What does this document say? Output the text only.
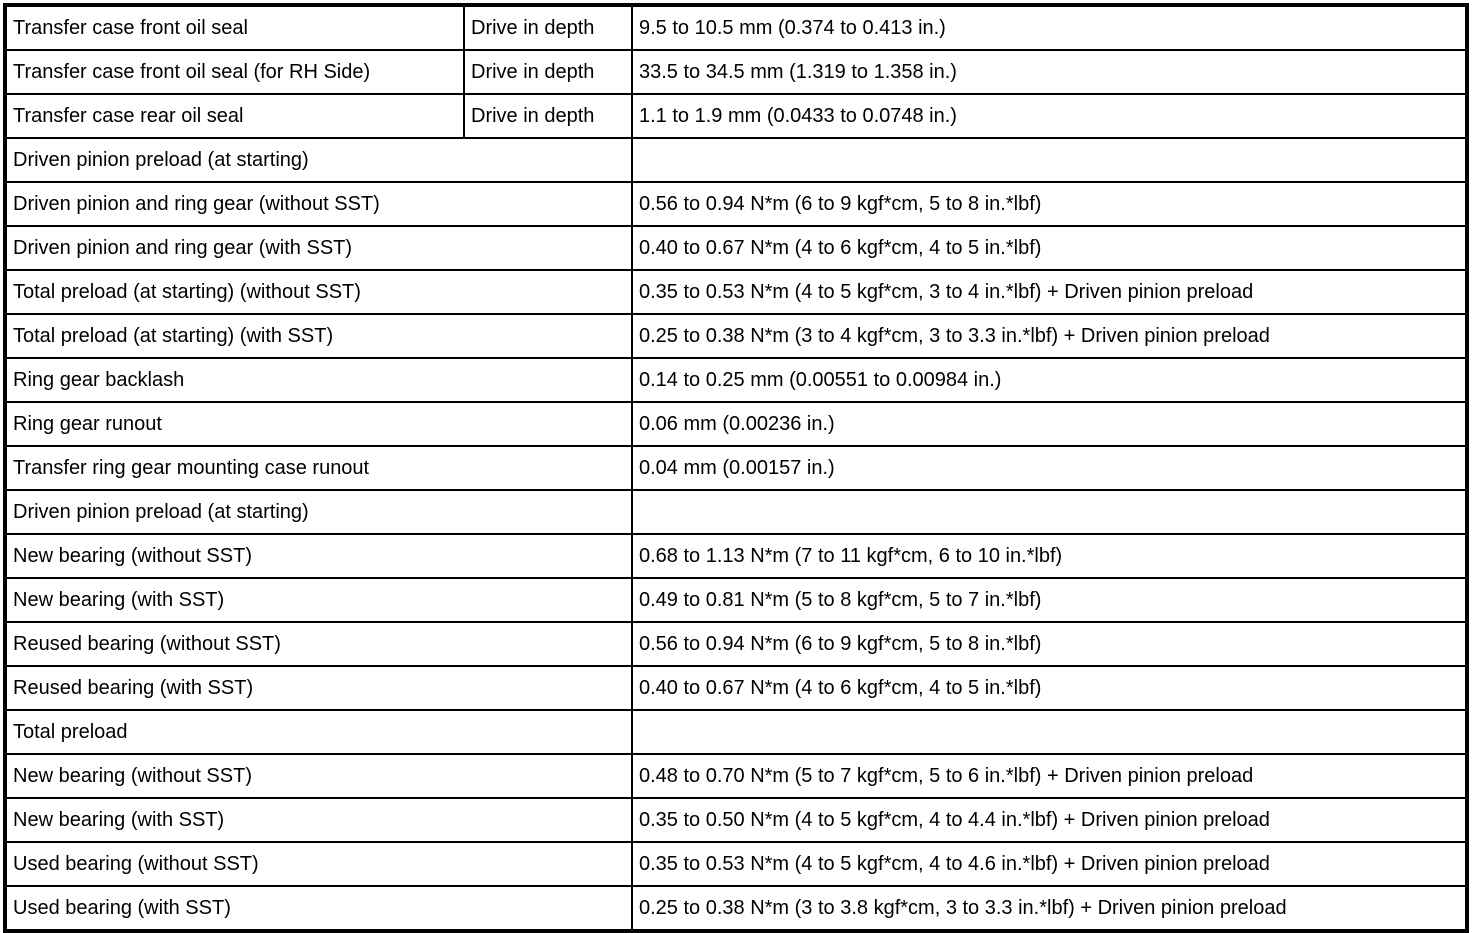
Transfer case front oil seal	Drive in depth	9.5 to 10.5 mm (0.374 to 0.413 in.)
Transfer case front oil seal (for RH Side)	Drive in depth	33.5 to 34.5 mm (1.319 to 1.358 in.)
Transfer case rear oil seal	Drive in depth	1.1 to 1.9 mm (0.0433 to 0.0748 in.)
Driven pinion preload (at starting)		
Driven pinion and ring gear (without SST)		0.56 to 0.94 N*m (6 to 9 kgf*cm, 5 to 8 in.*lbf)
Driven pinion and ring gear (with SST)		0.40 to 0.67 N*m (4 to 6 kgf*cm, 4 to 5 in.*lbf)
Total preload (at starting) (without SST)		0.35 to 0.53 N*m (4 to 5 kgf*cm, 3 to 4 in.*lbf) + Driven pinion preload
Total preload (at starting) (with SST)		0.25 to 0.38 N*m (3 to 4 kgf*cm, 3 to 3.3 in.*lbf) + Driven pinion preload
Ring gear backlash		0.14 to 0.25 mm (0.00551 to 0.00984 in.)
Ring gear runout		0.06 mm (0.00236 in.)
Transfer ring gear mounting case runout		0.04 mm (0.00157 in.)
Driven pinion preload (at starting)		
New bearing (without SST)		0.68 to 1.13 N*m (7 to 11 kgf*cm, 6 to 10 in.*lbf)
New bearing (with SST)		0.49 to 0.81 N*m (5 to 8 kgf*cm, 5 to 7 in.*lbf)
Reused bearing (without SST)		0.56 to 0.94 N*m (6 to 9 kgf*cm, 5 to 8 in.*lbf)
Reused bearing (with SST)		0.40 to 0.67 N*m (4 to 6 kgf*cm, 4 to 5 in.*lbf)
Total preload		
New bearing (without SST)		0.48 to 0.70 N*m (5 to 7 kgf*cm, 5 to 6 in.*lbf) + Driven pinion preload
New bearing (with SST)		0.35 to 0.50 N*m (4 to 5 kgf*cm, 4 to 4.4 in.*lbf) + Driven pinion preload
Used bearing (without SST)		0.35 to 0.53 N*m (4 to 5 kgf*cm, 4 to 4.6 in.*lbf) + Driven pinion preload
Used bearing (with SST)		0.25 to 0.38 N*m (3 to 3.8 kgf*cm, 3 to 3.3 in.*lbf) + Driven pinion preload
